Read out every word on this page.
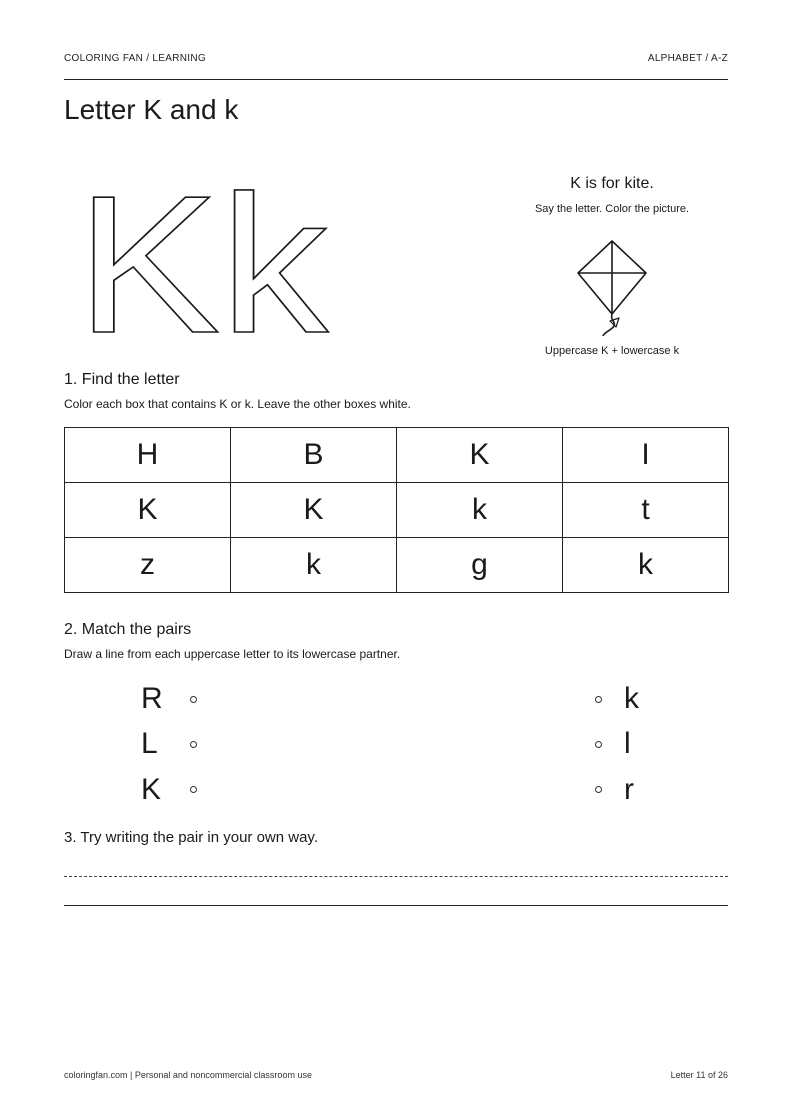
COLORING FAN / LEARNING	ALPHABET / A-Z
Letter K and k
Kk	K is for kite.
Say the letter. Color the picture.
Uppercase K + lowercase k
1. Find the letter
Color each box that contains K or k. Leave the other boxes white.
H	B	K	I
K	K	k	t
z	k	g	k
2. Match the pairs
Draw a line from each uppercase letter to its lowercase partner.
R	k
L	l
K	r
3. Try writing the pair in your own way.
coloringfan.com | Personal and noncommercial classroom use	Letter 11 of 26
